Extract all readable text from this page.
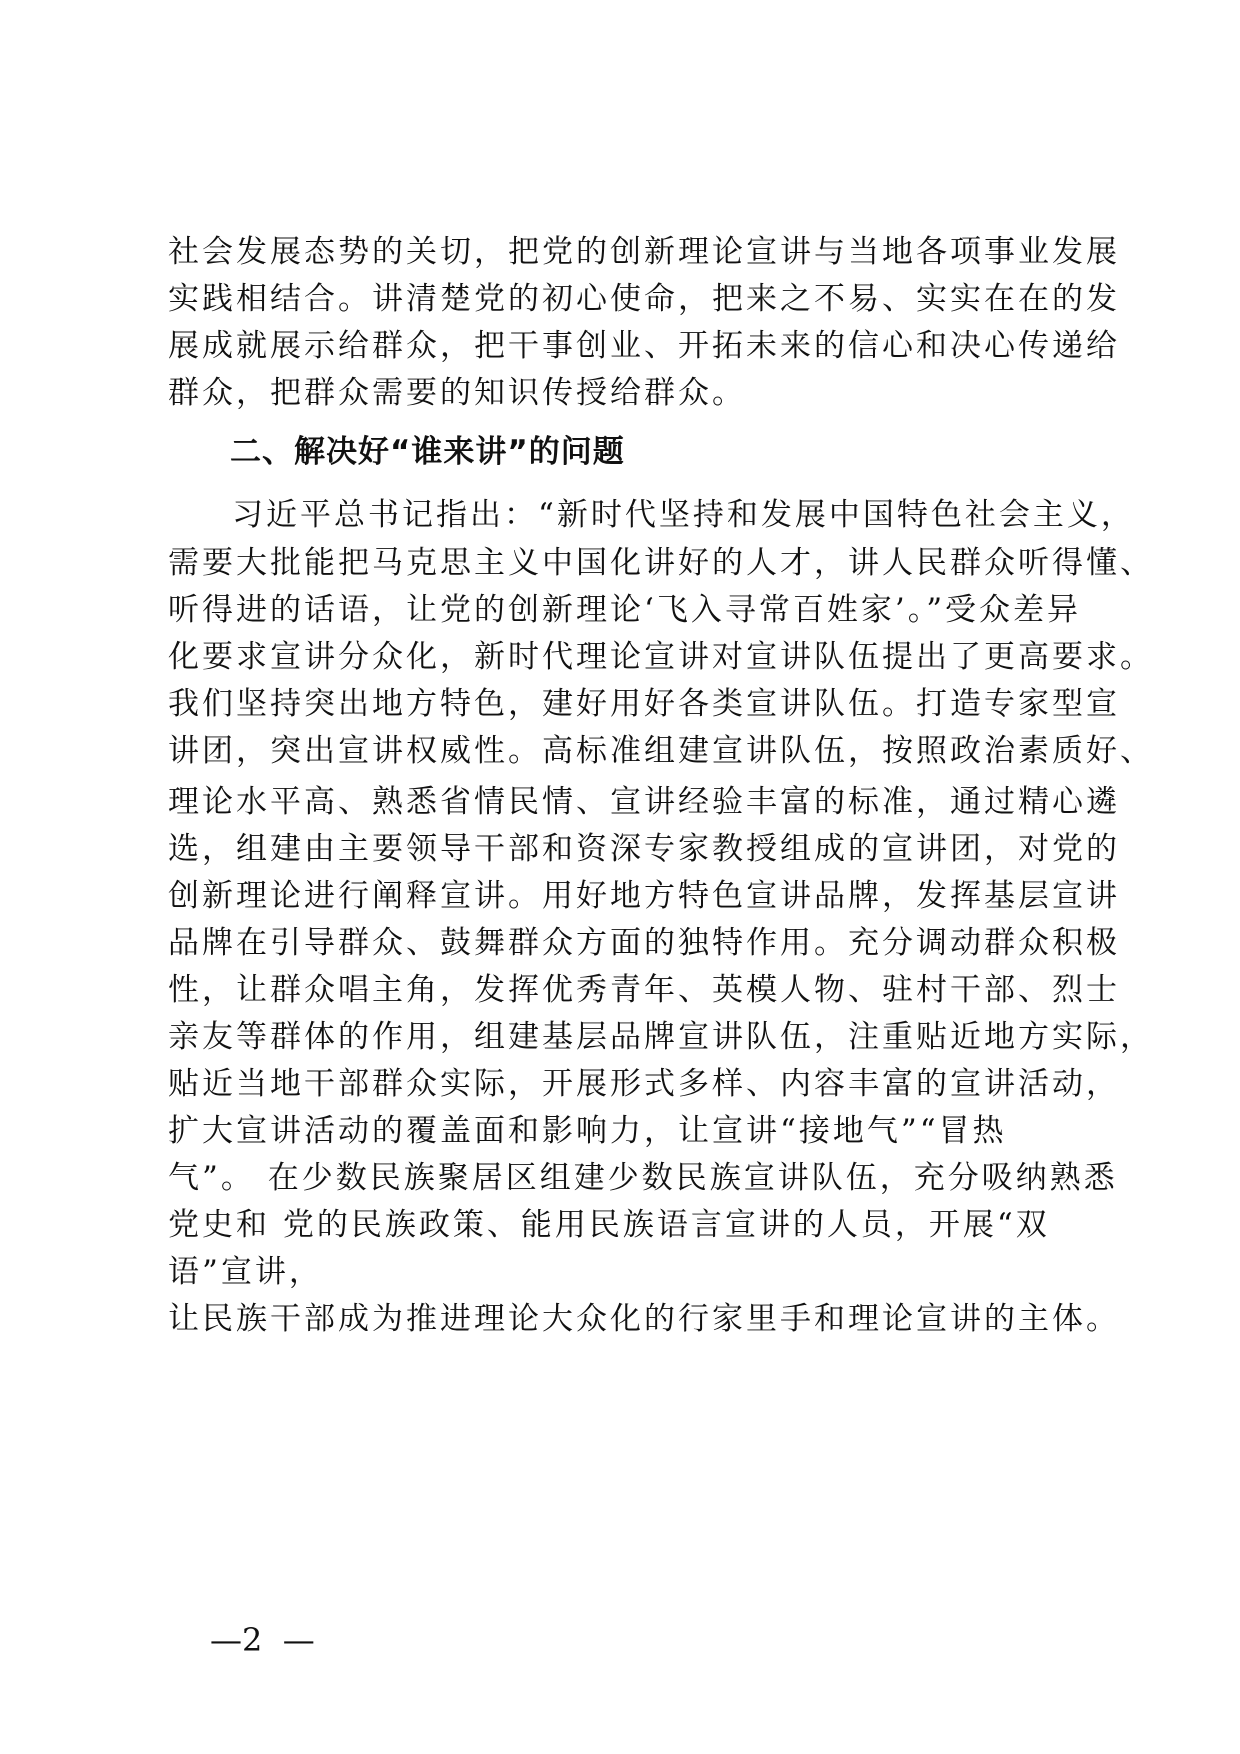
社会发展态势的关切，把党的创新理论宣讲与当地各项事业发展
实践相结合。讲清楚党的初心使命，把来之不易、实实在在的发
展成就展示给群众，把干事创业、开拓未来的信心和决心传递给
群众，把群众需要的知识传授给群众。
二、解决好“谁来讲”的问题
习近平总书记指出：“新时代坚持和发展中国特色社会主义，
需要大批能把马克思主义中国化讲好的人才，讲人民群众听得懂、
听得进的话语，让党的创新理论‘飞入寻常百姓家’。”受众差异
化要求宣讲分众化，新时代理论宣讲对宣讲队伍提出了更高要求。
我们坚持突出地方特色，建好用好各类宣讲队伍。打造专家型宣
讲团，突出宣讲权威性。高标准组建宣讲队伍，按照政治素质好、
理论水平高、熟悉省情民情、宣讲经验丰富的标准，通过精心遴
选，组建由主要领导干部和资深专家教授组成的宣讲团，对党的
创新理论进行阐释宣讲。用好地方特色宣讲品牌，发挥基层宣讲
品牌在引导群众、鼓舞群众方面的独特作用。充分调动群众积极
性，让群众唱主角，发挥优秀青年、英模人物、驻村干部、烈士
亲友等群体的作用，组建基层品牌宣讲队伍，注重贴近地方实际，
贴近当地干部群众实际，开展形式多样、内容丰富的宣讲活动，
扩大宣讲活动的覆盖面和影响力，让宣讲“接地气”“冒热
气”。 在少数民族聚居区组建少数民族宣讲队伍，充分吸纳熟悉
党史和 党的民族政策、能用民族语言宣讲的人员，开展“双
语”宣讲，
让民族干部成为推进理论大众化的行家里手和理论宣讲的主体。
—2  —
